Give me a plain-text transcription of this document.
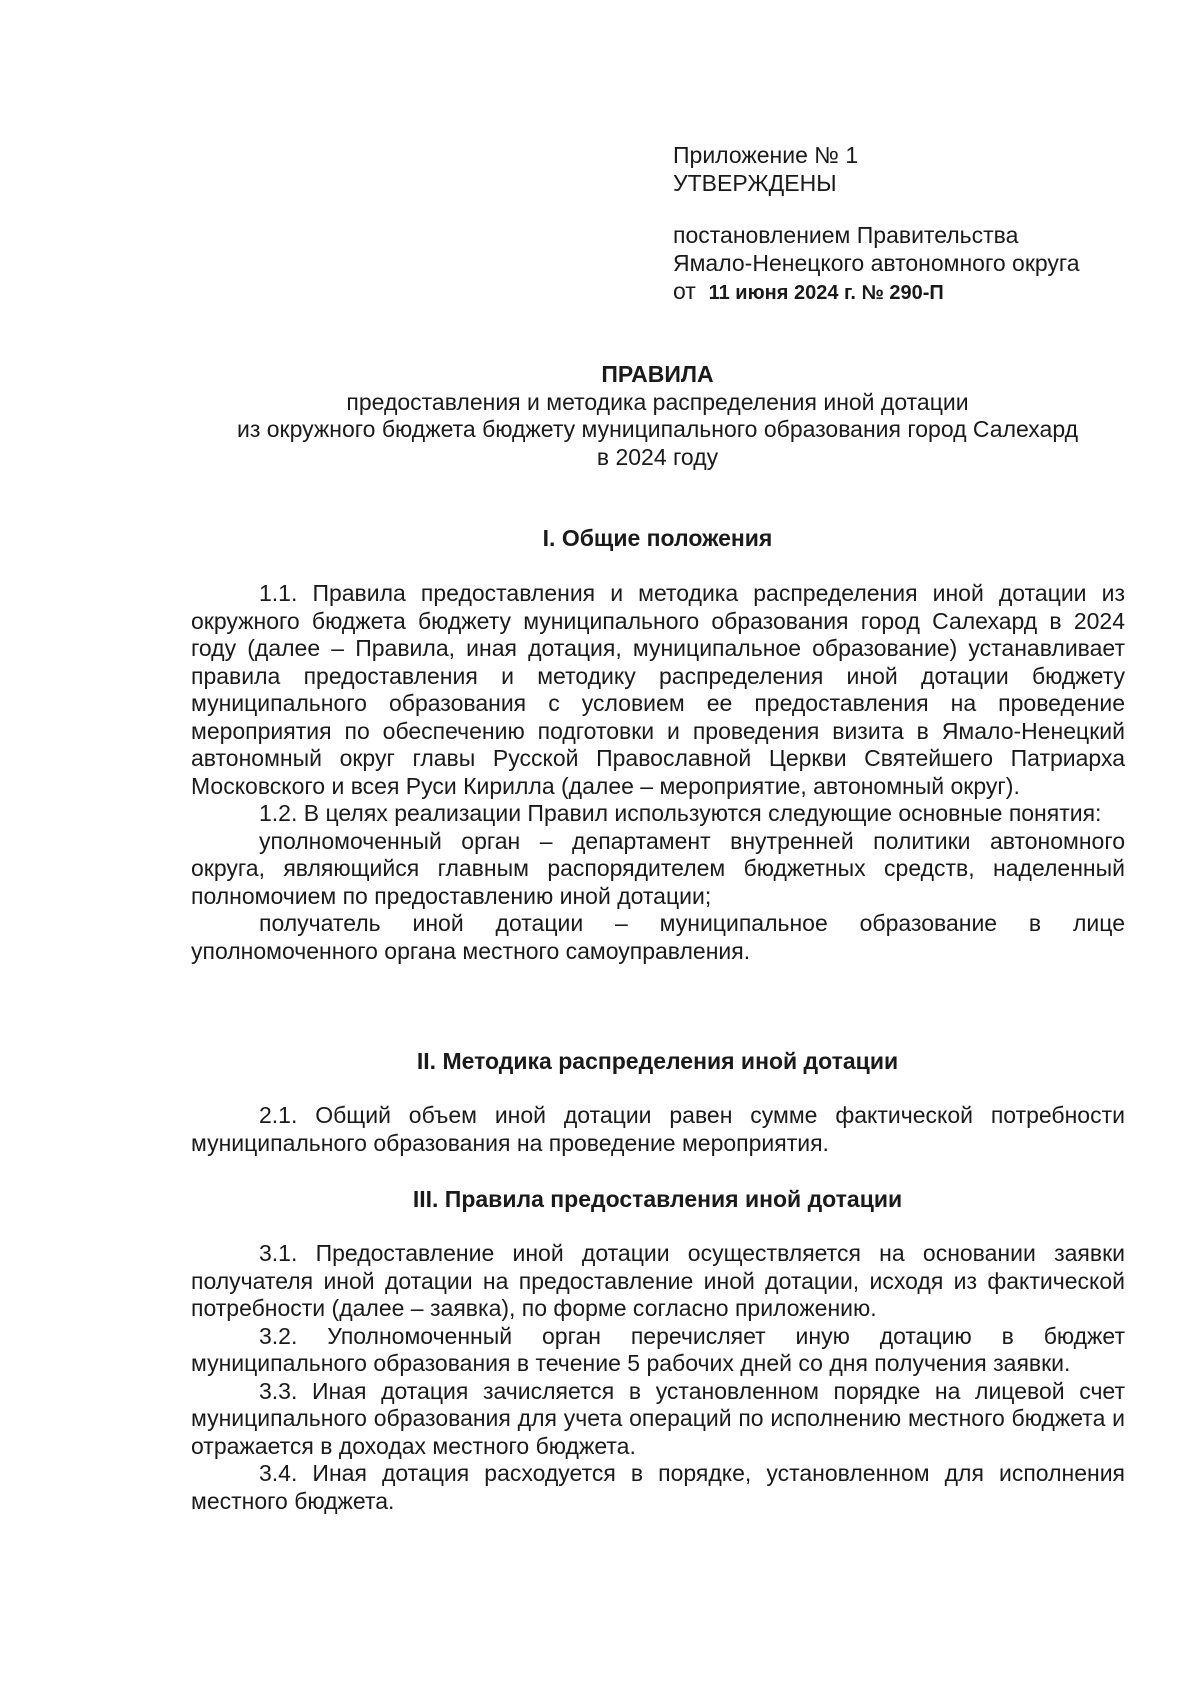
Приложение № 1
УТВЕРЖДЕНЫ
постановлением Правительства
Ямало-Ненецкого автономного округа
от 11 июня 2024 г. № 290-П
ПРАВИЛА
предоставления и методика распределения иной дотации
из окружного бюджета бюджету муниципального образования город Салехард
в 2024 году
I. Общие положения

1.1. Правила предоставления и методика распределения иной дотации из окружного бюджета бюджету муниципального образования город Салехард в 2024 году (далее – Правила, иная дотация, муниципальное образование) устанавливает правила предоставления и методику распределения иной дотации бюджету муниципального образования с условием ее предоставления на проведение мероприятия по обеспечению подготовки и проведения визита в Ямало-Ненецкий автономный округ главы Русской Православной Церкви Святейшего Патриарха Московского и всея Руси Кирилла (далее – мероприятие, автономный округ).

1.2. В целях реализации Правил используются следующие основные понятия:

уполномоченный орган – департамент внутренней политики автономного округа, являющийся главным распорядителем бюджетных средств, наделенный полномочием по предоставлению иной дотации;

получатель иной дотации – муниципальное образование в лице уполномоченного органа местного самоуправления.

II. Методика распределения иной дотации

2.1. Общий объем иной дотации равен сумме фактической потребности муниципального образования на проведение мероприятия.

III. Правила предоставления иной дотации

3.1. Предоставление иной дотации осуществляется на основании заявки получателя иной дотации на предоставление иной дотации, исходя из фактической потребности (далее – заявка), по форме согласно приложению.

3.2. Уполномоченный орган перечисляет иную дотацию в бюджет муниципального образования в течение 5 рабочих дней со дня получения заявки.

3.3. Иная дотация зачисляется в установленном порядке на лицевой счет муниципального образования для учета операций по исполнению местного бюджета и отражается в доходах местного бюджета.

3.4. Иная дотация расходуется в порядке, установленном для исполнения местного бюджета.
